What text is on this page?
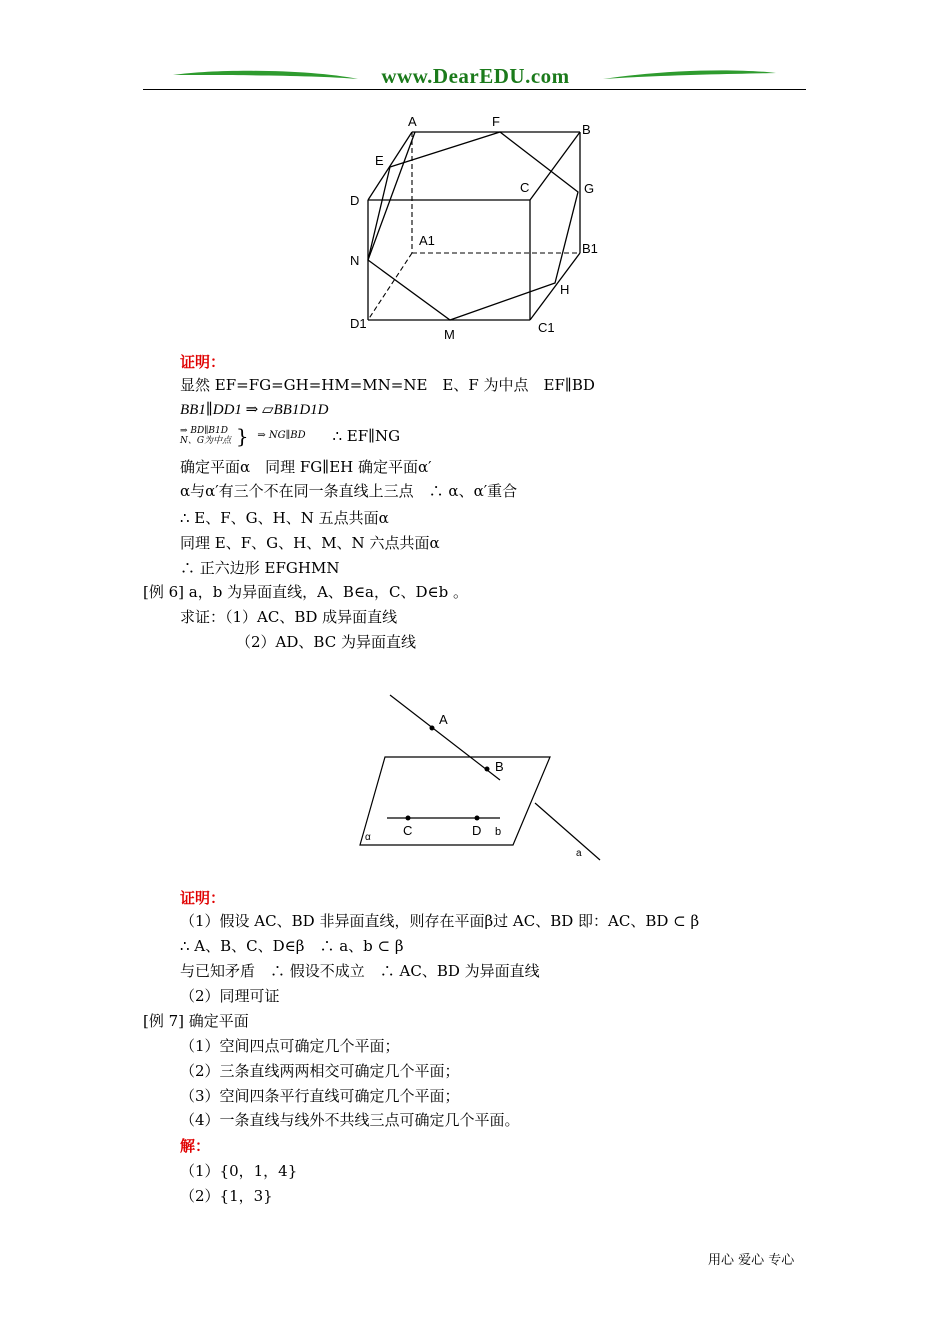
www.DearEDU.com
A	F
B
E
C	G
D
A1
B1
N
H
D1
M	C1
证明：
显然 EF=FG=GH=HM=MN=NE　E、F 为中点　EF∥BD
BB1∥DD1 ⇒ ▱BB1D1D
⇒ BD∥B1D
N、G为中点 } ⇒ NG∥BD ∴ EF∥NG
确定平面α　同理 FG∥EH 确定平面α′
α与α′有三个不在同一条直线上三点　∴ α、α′重合
∴ E、F、G、H、N 五点共面α
同理 E、F、G、H、M、N 六点共面α
∴ 正六边形 EFGHMN
[例 6] a，b 为异面直线，A、B∈a，C、D∈b 。
求证：（1）AC、BD 成异面直线
（2）AD、BC 为异面直线
A
B
C	D b
α
a
证明：
（1）假设 AC、BD 非异面直线，则存在平面β过 AC、BD 即：AC、BD ⊂ β
∴ A、B、C、D∈β　∴ a、b ⊂ β
与已知矛盾　∴ 假设不成立　∴ AC、BD 为异面直线
（2）同理可证
[例 7] 确定平面
（1）空间四点可确定几个平面；
（2）三条直线两两相交可确定几个平面；
（3）空间四条平行直线可确定几个平面；
（4）一条直线与线外不共线三点可确定几个平面。
解：
（1）{0，1，4}
（2）{1，3}
用心 爱心 专心
